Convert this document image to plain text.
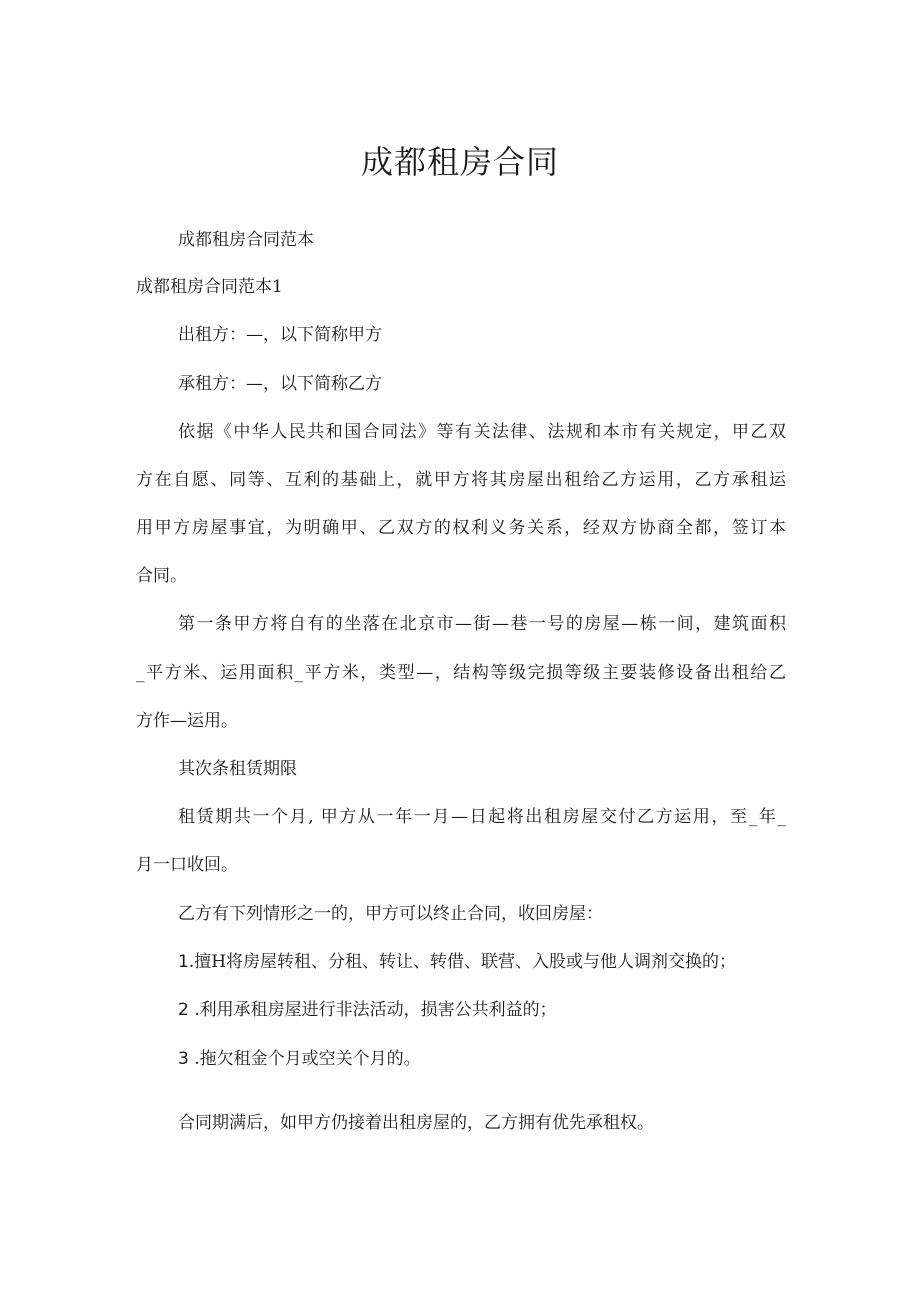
成都租房合同

成都租房合同范本

成都租房合同范本1

出租方：—，以下简称甲方

承租方：—，以下简称乙方

依据《中华人民共和国合同法》等有关法律、法规和本市有关规定，甲乙双

方在自愿、同等、互利的基础上，就甲方将其房屋出租给乙方运用，乙方承租运

用甲方房屋事宜，为明确甲、乙双方的权利义务关系，经双方协商全都，签订本

合同。

第一条甲方将自有的坐落在北京市—街—巷一号的房屋—栋一间，建筑面积

_平方米、运用面积_平方米，类型—，结构等级完损等级主要装修设备出租给乙

方作—运用。

其次条租赁期限

租赁期共一个月, 甲方从一年一月—日起将出租房屋交付乙方运用，至_年_

月一口收回。

乙方有下列情形之一的，甲方可以终止合同，收回房屋：

1.擅H将房屋转租、分租、转让、转借、联营、入股或与他人调剂交换的；

2 .利用承租房屋进行非法活动，损害公共利益的；

3 .拖欠租金个月或空关个月的。

合同期满后，如甲方仍接着出租房屋的，乙方拥有优先承租权。
